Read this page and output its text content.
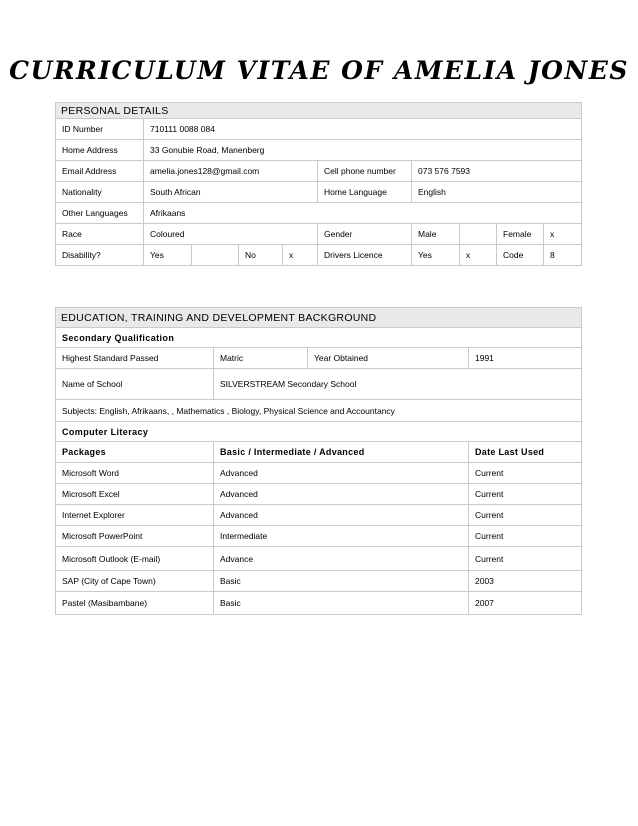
CURRICULUM VITAE OF AMELIA JONES
PERSONAL DETAILS									
ID Number	710111 0088 084								
Home Address	33 Gonubie Road, Manenberg								
Email Address	amelia.jones128@gmail.com				Cell phone number	073 576 7593			
Nationality	South African				Home Language	English			
Other Languages	Afrikaans								
Race	Coloured				Gender	Male		Female	x
Disability?	Yes		No	x	Drivers Licence	Yes	x	Code	8
EDUCATION, TRAINING AND DEVELOPMENT BACKGROUND			
Secondary Qualification			
Highest Standard Passed	Matric	Year Obtained	1991
Name of School	SILVERSTREAM Secondary School		
Subjects: English, Afrikaans, , Mathematics , Biology, Physical Science and Accountancy			
Computer Literacy			
Packages	Basic / Intermediate / Advanced		Date Last Used
Microsoft Word	Advanced		Current
Microsoft Excel	Advanced		Current
Internet Explorer	Advanced		Current
Microsoft PowerPoint	Intermediate		Current
Microsoft Outlook (E-mail)	Advance		Current
SAP (City of Cape Town)	Basic		2003
Pastel (Masibambane)	Basic		2007
